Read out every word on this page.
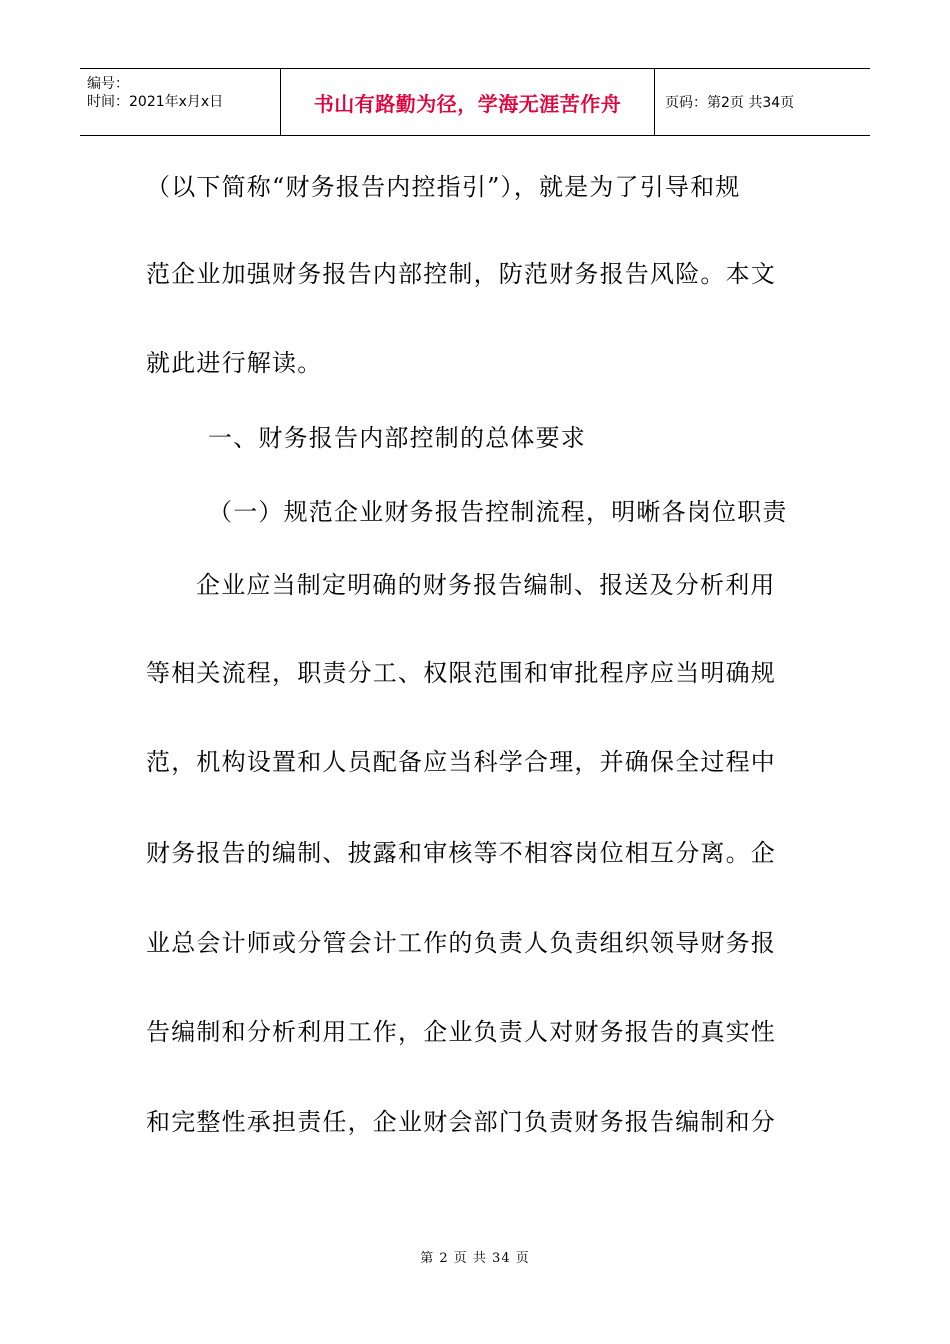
编号：
时间：2021年x月x日	书山有路勤为径，学海无涯苦作舟	页码：第2页 共34页

（以下简称“财务报告内控指引”），就是为了引导和规

范企业加强财务报告内部控制，防范财务报告风险。本文

就此进行解读。

一、财务报告内部控制的总体要求

（一）规范企业财务报告控制流程，明晰各岗位职责

企业应当制定明确的财务报告编制、报送及分析利用

等相关流程，职责分工、权限范围和审批程序应当明确规

范，机构设置和人员配备应当科学合理，并确保全过程中

财务报告的编制、披露和审核等不相容岗位相互分离。企

业总会计师或分管会计工作的负责人负责组织领导财务报

告编制和分析利用工作，企业负责人对财务报告的真实性

和完整性承担责任，企业财会部门负责财务报告编制和分

第 2 页 共 34 页
